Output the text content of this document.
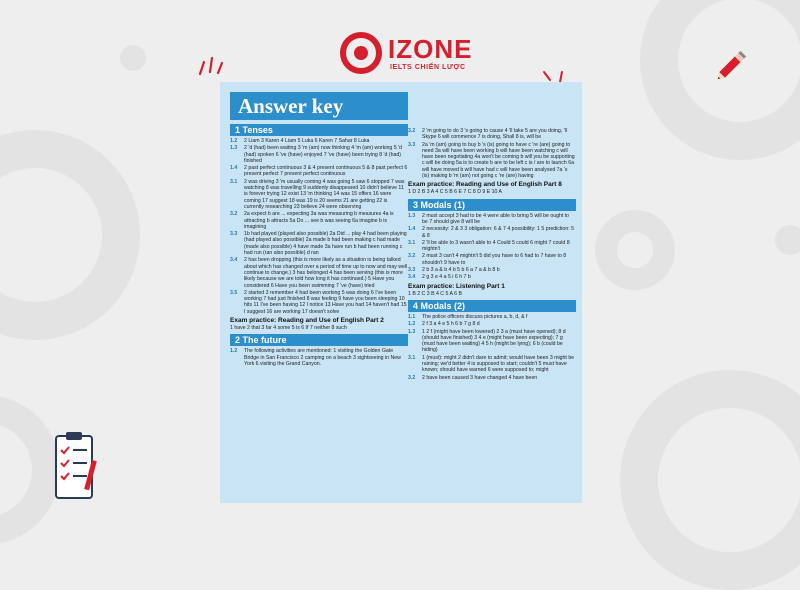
IZONE
IELTS CHIẾN LƯỢC
Answer key
1 Tenses
1.2	2 Liam 3 Karen 4 Liam 5 Luka 6 Karen 7 Sahar 8 Luka
1.3	2 'd (had) been waiting 3 'm (am) now thinking 4 'm (am) working 5 'd (had) spoken 6 've (have) enjoyed 7 've (have) been trying 8 'd (had) finished
1.4	2 past perfect continuous 3 & 4 present continuous 5 & 8 past perfect 6 present perfect 7 present perfect continuous
3.1	2 was driving 3 'm usually coming 4 was going 5 saw 6 stopped 7 was watching 8 was travelling 9 suddenly disappeared 10 didn't believe 11 is forever trying 12 exist 13 'm thinking 14 was 15 offers 16 were coming 17 suggest 18 was 19 is 20 seems 21 are getting 22 is currently researching 23 believe 24 were observing
3.2	2a expect b are ... expecting 3a was measuring b measures 4a is attracting b attracts 5a Do ... see b was seeing 6a imagine b is imagining
3.3	1b had played (played also possible) 2a Did ... play 4 had been playing (had played also possible) 2a made b had been making c had made (made also possible) 4 have made 3a have run b had been running c had run (ran also possible) d ran
3.4	2 has been dropping (this is more likely as a situation is being talked about which has changed over a period of time up to now and may well continue to change.) 3 has belonged 4 has been serving (this is more likely because we are told how long it has continued.) 5 Have you considered 6 Have you been swimming 7 've (have) tried
3.5	2 started 3 remember 4 had been working 5 was doing 6 I've been working 7 had just finished 8 was feeling 9 have you been sleeping 10 hits 11 I've been having 12 I notice 13 Have you had 14 haven't had 15 I suggest 16 are working 17 doesn't solve
Exam practice: Reading and Use of English Part 2
1 have 2 that 3 far 4 some 5 is 6 If 7 neither 8 such
2 The future
1.2	The following activities are mentioned: 1 visiting the Golden Gate Bridge in San Francisco 2 camping on a beach 3 sightseeing in New York 6 visiting the Grand Canyon.
3.2	2 'm going to do 3 's going to cause 4 'll take 5 are you doing, 'll Skype 6 will commence 7 is doing, Shall 8 is, will be
3.3	2a 'm (am) going to buy b 's (is) going to have c 're (are) going to need 3a will have been working b will have been watching c will have been negotiating 4a won't be coming b will you be supporting c will be doing 5a is to create b are to be left c is / are to launch 6a will have moved b will have had c will have been analysed 7a 's (is) making b 'm (am) not going c 're (are) having
Exam practice: Reading and Use of English Part 8
1 D 2 B 3 A 4 C 5 B 6 E 7 C 8 D 9 E 10 A
3 Modals (1)
1.3	2 must accept 3 had to be 4 were able to bring 5 will be ought to be 7 should give 8 will be
1.4	2 necessity: 2 & 3 3 obligation: 6 & 7 4 possibility: 1 5 prediction: 5 & 8
3.1	2 'll be able to 3 wasn't able to 4 Could 5 could 6 might 7 could 8 mightn't
3.2	2 must 3 can't 4 mightn't 5 did you have to 6 had to 7 have to 8 shouldn't 9 have to
3.3	2 b 3 a & b 4 b 5 b 6 a 7 a & b 8 b
3.4	2 g 3 e 4 a 5 i 6 h 7 b
Exam practice: Listening Part 1
1 B 2 C 3 B 4 C 5 A 6 B
4 Modals (2)
1.1	The police officers discuss pictures a, b, d, & f
1.2	2 f 3 a 4 e 5 h 6 b 7 g 8 d
1.3	1 2 f (might have been lowered) 2 3 a (must have opened); 8 d (should have finished) 3 4 e (might have been expecting); 7 g (must have been waiting) 4 5 h (might be lying); 6 b (could be hiding)
3.1	1 (must): might 2 didn't dare to admit; would have been 3 might be raining; we'd better 4 is supposed to start; couldn't 5 must have known; should have warned 6 were supposed to; might
3.2	2 have been caused 3 have changed 4 have been
